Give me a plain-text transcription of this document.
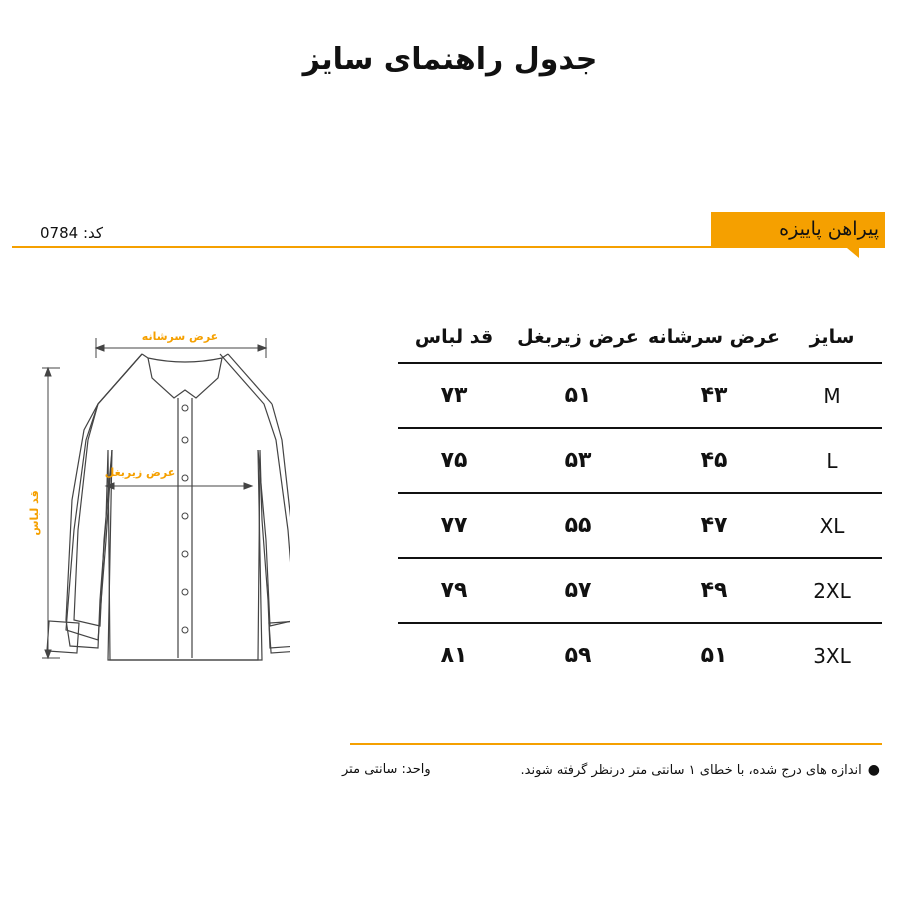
جدول راهنمای سایز
پیراهن پاییزه
کد: 0784
عرض سرشانه
عرض زیربغل
قد لباس
سایز
عرض سرشانه
عرض زیربغل
قد لباس
M
۴۳
۵۱
۷۳
L
۴۵
۵۳
۷۵
XL
۴۷
۵۵
۷۷
2XL
۴۹
۵۷
۷۹
3XL
۵۱
۵۹
۸۱
●اندازه های درج شده، با خطای ۱ سانتی متر درنظر گرفته شوند.
واحد: سانتی متر
